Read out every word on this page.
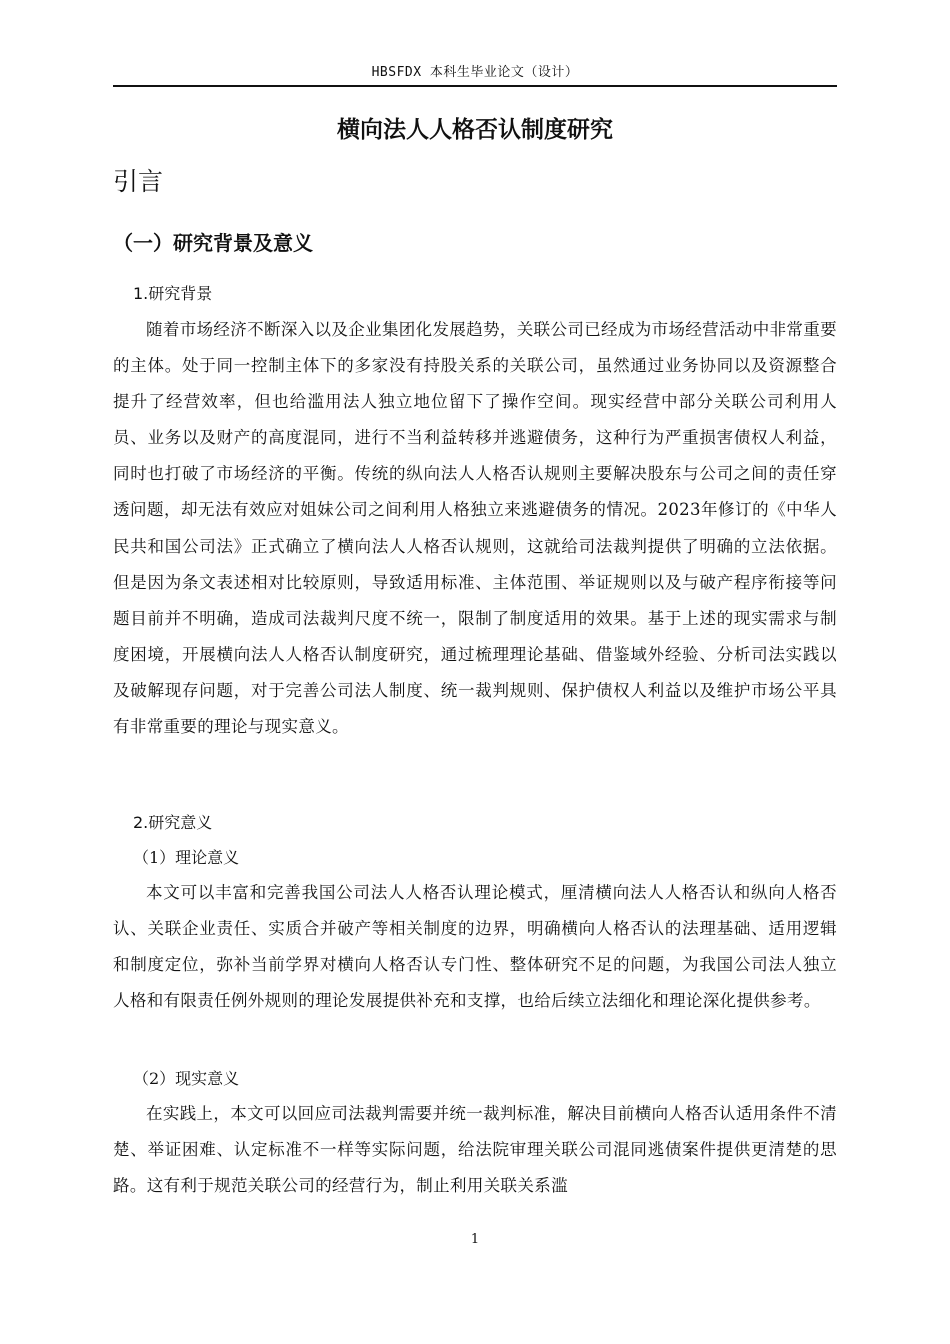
HBSFDX 本科生毕业论文（设计）
横向法人人格否认制度研究
引言
（一）研究背景及意义
1.研究背景

随着市场经济不断深入以及企业集团化发展趋势，关联公司已经成为市场经营活动中非常重要的主体。处于同一控制主体下的多家没有持股关系的关联公司，虽然通过业务协同以及资源整合提升了经营效率，但也给滥用法人独立地位留下了操作空间。现实经营中部分关联公司利用人员、业务以及财产的高度混同，进行不当利益转移并逃避债务，这种行为严重损害债权人利益，同时也打破了市场经济的平衡。传统的纵向法人人格否认规则主要解决股东与公司之间的责任穿透问题，却无法有效应对姐妹公司之间利用人格独立来逃避债务的情况。2023年修订的《中华人民共和国公司法》正式确立了横向法人人格否认规则，这就给司法裁判提供了明确的立法依据。但是因为条文表述相对比较原则，导致适用标准、主体范围、举证规则以及与破产程序衔接等问题目前并不明确，造成司法裁判尺度不统一，限制了制度适用的效果。基于上述的现实需求与制度困境，开展横向法人人格否认制度研究，通过梳理理论基础、借鉴域外经验、分析司法实践以及破解现存问题，对于完善公司法人制度、统一裁判规则、保护债权人利益以及维护市场公平具有非常重要的理论与现实意义。

2.研究意义
（1）理论意义

本文可以丰富和完善我国公司法人人格否认理论模式，厘清横向法人人格否认和纵向人格否认、关联企业责任、实质合并破产等相关制度的边界，明确横向人格否认的法理基础、适用逻辑和制度定位，弥补当前学界对横向人格否认专门性、整体研究不足的问题，为我国公司法人独立人格和有限责任例外规则的理论发展提供补充和支撑，也给后续立法细化和理论深化提供参考。

（2）现实意义

在实践上，本文可以回应司法裁判需要并统一裁判标准，解决目前横向人格否认适用条件不清楚、举证困难、认定标准不一样等实际问题，给法院审理关联公司混同逃债案件提供更清楚的思路。这有利于规范关联公司的经营行为，制止利用关联关系滥

1
